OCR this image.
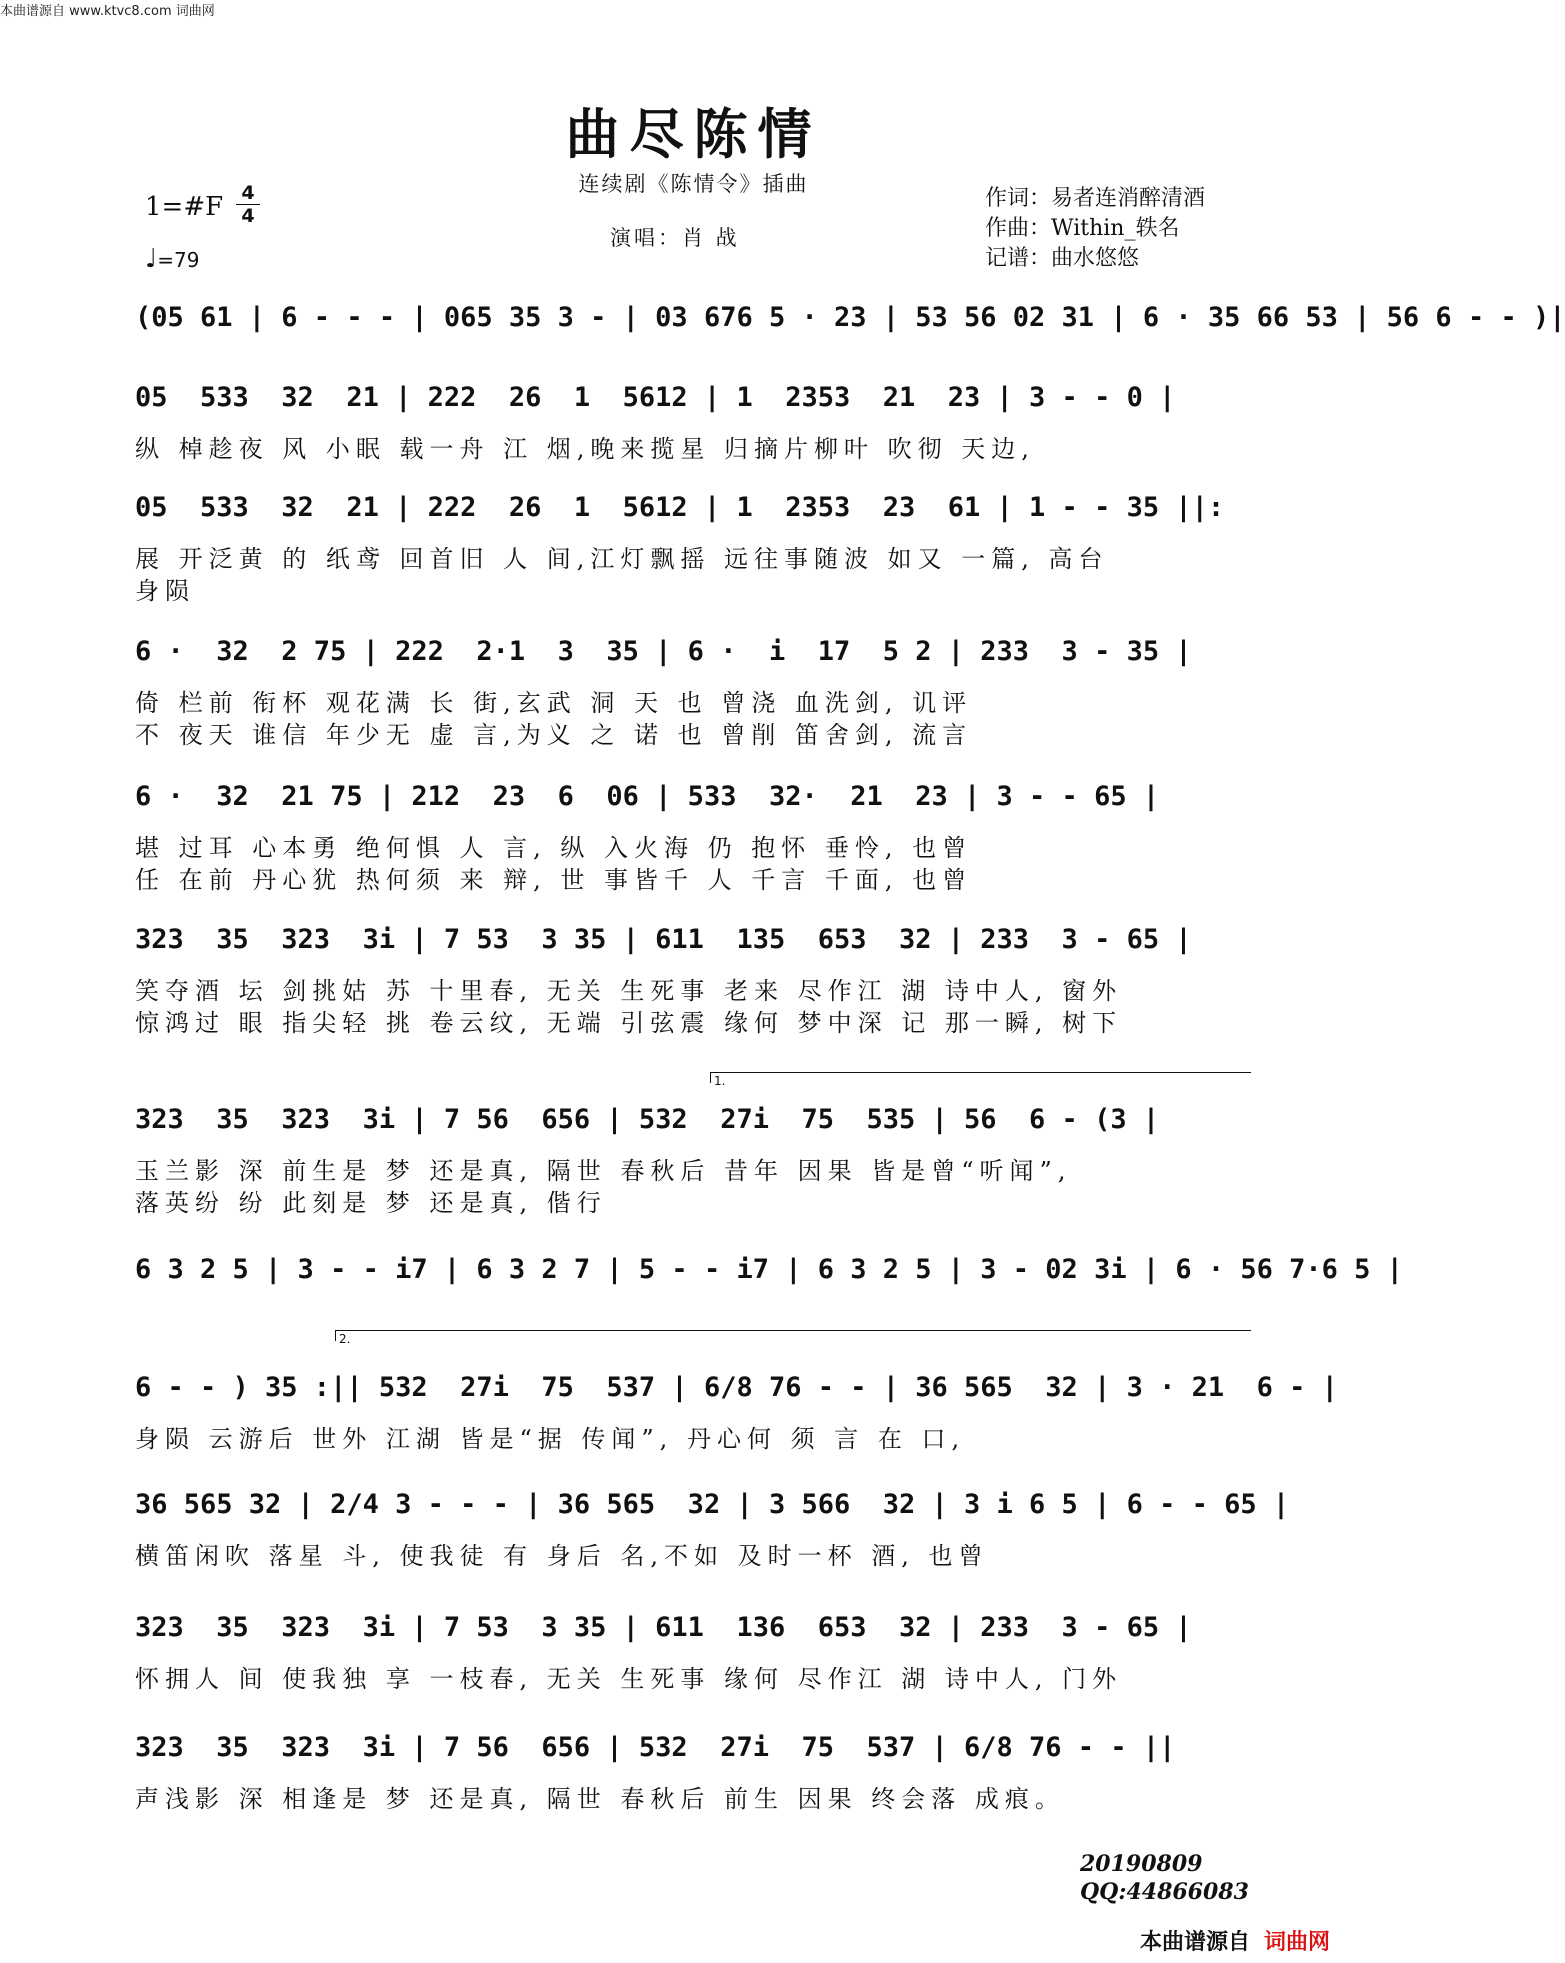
本曲谱源自 www.ktvc8.com 词曲网
曲尽陈情
连续剧《陈情令》插曲
演唱：肖 战
作词：易者连消醉清酒
作曲：Within_轶名
记谱：曲水悠悠
1=#F 4
4
♩=79
(05 61 | 6 - - - | 065 35 3 - | 03 676 5 · 23 | 53 56 02 31 | 6 · 35 66 53 | 56 6 - - )|
05  533  32  21 | 222  26  1  5612 | 1  2353  21  23 | 3 - - 0 |
纵 棹趁夜 风 小眠 载一舟 江 烟,晚来揽星 归摘片柳叶 吹彻 天边,
05  533  32  21 | 222  26  1  5612 | 1  2353  23  61 | 1 - - 35 ||:
展 开泛黄 的 纸鸢 回首旧 人 间,江灯飘摇 远往事随波 如又 一篇, 高台
身陨
6 ·  32  2 75 | 222  2·1  3  35 | 6 ·  i  17  5 2 | 233  3 - 35 |
倚 栏前 衔杯 观花满 长 街,玄武 洞 天 也 曾浇 血洗剑, 讥评
不 夜天 谁信 年少无 虚 言,为义 之 诺 也 曾削 笛舍剑, 流言
6 ·  32  21 75 | 212  23  6  06 | 533  32·  21  23 | 3 - - 65 |
堪 过耳 心本勇 绝何惧 人 言, 纵 入火海 仍 抱怀 垂怜, 也曾
任 在前 丹心犹 热何须 来 辩, 世 事皆千 人 千言 千面, 也曾
323  35  323  3i | 7 53  3 35 | 611  135  653  32 | 233  3 - 65 |
笑夺酒 坛 剑挑姑 苏 十里春, 无关 生死事 老来 尽作江 湖 诗中人, 窗外
惊鸿过 眼 指尖轻 挑 卷云纹, 无端 引弦震 缘何 梦中深 记 那一瞬, 树下
323  35  323  3i | 7 56  656 | 532  27i  75  535 | 56  6 - (3 |
玉兰影 深 前生是 梦 还是真, 隔世 春秋后 昔年 因果 皆是曾“听闻”,
落英纷 纷 此刻是 梦 还是真, 偕行
6 3 2 5 | 3 - - i7 | 6 3 2 7 | 5 - - i7 | 6 3 2 5 | 3 - 02 3i | 6 · 56 7·6 5 |
6 - - ) 35 :|| 532  27i  75  537 | 6/8 76 - - | 36 565  32 | 3 · 21  6 - |
身陨 云游后 世外 江湖 皆是“据 传闻”, 丹心何 须 言 在 口,
36 565 32 | 2/4 3 - - - | 36 565  32 | 3 566  32 | 3 i 6 5 | 6 - - 65 |
横笛闲吹 落星 斗, 使我徒 有 身后 名,不如 及时一杯 酒, 也曾
323  35  323  3i | 7 53  3 35 | 611  136  653  32 | 233  3 - 65 |
怀拥人 间 使我独 享 一枝春, 无关 生死事 缘何 尽作江 湖 诗中人, 门外
323  35  323  3i | 7 56  656 | 532  27i  75  537 | 6/8 76 - - ||
声浅影 深 相逢是 梦 还是真, 隔世 春秋后 前生 因果 终会落 成痕。
1.
2.
20190809
QQ:44866083
本曲谱源自 词曲网
